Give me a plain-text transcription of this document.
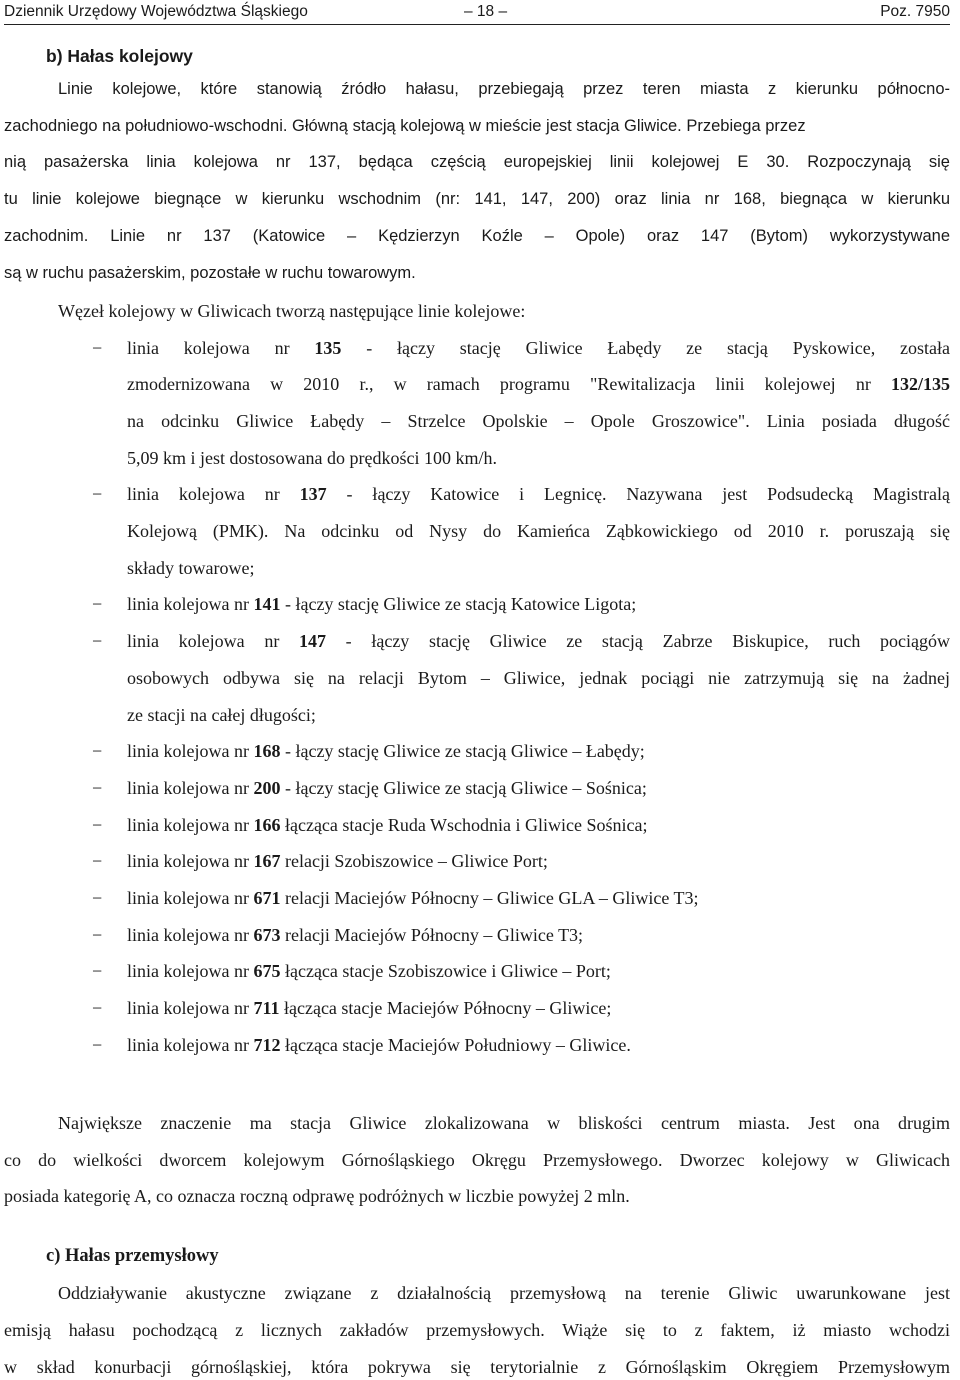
Dziennik Urzędowy Województwa Śląskiego	– 18 –	Poz. 7950
b) Hałas kolejowy
Linie kolejowe, które stanowią źródło hałasu, przebiegają przez teren miasta z kierunku północno-
zachodniego na południowo-wschodni. Główną stacją kolejową w mieście jest stacja Gliwice. Przebiega przez
nią pasażerska linia kolejowa nr 137, będąca częścią europejskiej linii kolejowej E 30. Rozpoczynają się
tu linie kolejowe biegnące w kierunku wschodnim (nr: 141, 147, 200) oraz linia nr 168, biegnąca w kierunku
zachodnim. Linie nr 137 (Katowice – Kędzierzyn Koźle – Opole) oraz 147 (Bytom) wykorzystywane
są w ruchu pasażerskim, pozostałe w ruchu towarowym.
Węzeł kolejowy w Gliwicach tworzą następujące linie kolejowe:
− linia kolejowa nr 135 - łączy stację Gliwice Łabędy ze stacją Pyskowice, została
zmodernizowana w 2010 r., w ramach programu "Rewitalizacja linii kolejowej nr 132/135
na odcinku Gliwice Łabędy – Strzelce Opolskie – Opole Groszowice". Linia posiada długość
5,09 km i jest dostosowana do prędkości 100 km/h.
− linia kolejowa nr 137 - łączy Katowice i Legnicę. Nazywana jest Podsudecką Magistralą
Kolejową (PMK). Na odcinku od Nysy do Kamieńca Ząbkowickiego od 2010 r. poruszają się
składy towarowe;
− linia kolejowa nr 141 - łączy stację Gliwice ze stacją Katowice Ligota;
− linia kolejowa nr 147 - łączy stację Gliwice ze stacją Zabrze Biskupice, ruch pociągów
osobowych odbywa się na relacji Bytom – Gliwice, jednak pociągi nie zatrzymują się na żadnej
ze stacji na całej długości;
− linia kolejowa nr 168 - łączy stację Gliwice ze stacją Gliwice – Łabędy;
− linia kolejowa nr 200 - łączy stację Gliwice ze stacją Gliwice – Sośnica;
− linia kolejowa nr 166 łącząca stacje Ruda Wschodnia i Gliwice Sośnica;
− linia kolejowa nr 167 relacji Szobiszowice – Gliwice Port;
− linia kolejowa nr 671 relacji Maciejów Północny – Gliwice GLA – Gliwice T3;
− linia kolejowa nr 673 relacji Maciejów Północny – Gliwice T3;
− linia kolejowa nr 675 łącząca stacje Szobiszowice i Gliwice – Port;
− linia kolejowa nr 711 łącząca stacje Maciejów Północny – Gliwice;
− linia kolejowa nr 712 łącząca stacje Maciejów Południowy – Gliwice.
Największe znaczenie ma stacja Gliwice zlokalizowana w bliskości centrum miasta. Jest ona drugim
co do wielkości dworcem kolejowym Górnośląskiego Okręgu Przemysłowego. Dworzec kolejowy w Gliwicach
posiada kategorię A, co oznacza roczną odprawę podróżnych w liczbie powyżej 2 mln.
c) Hałas przemysłowy
Oddziaływanie akustyczne związane z działalnością przemysłową na terenie Gliwic uwarunkowane jest
emisją hałasu pochodzącą z licznych zakładów przemysłowych. Wiąże się to z faktem, iż miasto wchodzi
w skład konurbacji górnośląskiej, która pokrywa się terytorialnie z Górnośląskim Okręgiem Przemysłowym
